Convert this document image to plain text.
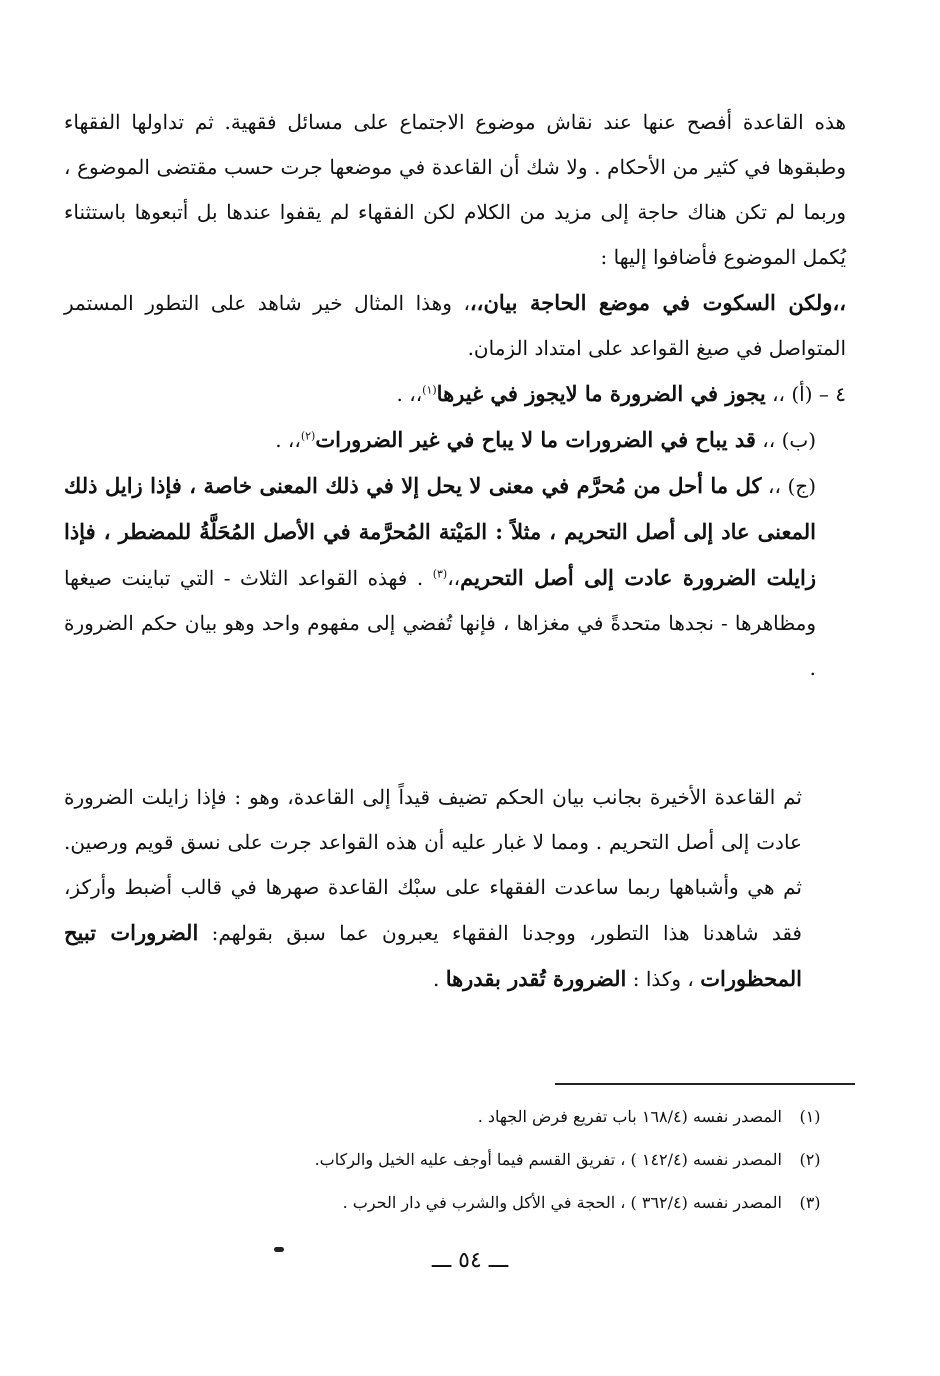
هذه القاعدة أفصح عنها عند نقاش موضوع الاجتماع على مسائل فقهية. ثم تداولها الفقهاء وطبقوها في كثير من الأحكام . ولا شك أن القاعدة في موضعها جرت حسب مقتضى الموضوع ، وربما لم تكن هناك حاجة إلى مزيد من الكلام لكن الفقهاء لم يقفوا عندها بل أتبعوها باستثناء يُكمل الموضوع فأضافوا إليها :

،،ولكن السكوت في موضع الحاجة بيان،،، وهذا المثال خير شاهد على التطور المستمر المتواصل في صيغ القواعد على امتداد الزمان.

٤ – (أ) ،، يجوز في الضرورة ما لايجوز في غيرها$^{(١)}$،، .

(ب) ،، قد يباح في الضرورات ما لا يباح في غير الضرورات$^{(٢)}$،، .

(ج) ،، كل ما أحل من مُحرَّم في معنى لا يحل إلا في ذلك المعنى خاصة ، فإذا زايل ذلك المعنى عاد إلى أصل التحريم ، مثلاً : المَيْتة المُحرَّمة في الأصل المُحَلَّةُ للمضطر ، فإذا زايلت الضرورة عادت إلى أصل التحريم،،$^{(٣)}$ . فهذه القواعد الثلاث - التي تباينت صيغها ومظاهرها - نجدها متحدةً في مغزاها ، فإنها تُفضي إلى مفهوم واحد وهو بيان حكم الضرورة .

ثم القاعدة الأخيرة بجانب بيان الحكم تضيف قيداً إلى القاعدة، وهو : فإذا زايلت الضرورة عادت إلى أصل التحريم . ومما لا غبار عليه أن هذه القواعد جرت على نسق قويم ورصين. ثم هي وأشباهها ربما ساعدت الفقهاء على سبْك القاعدة صهرها في قالب أضبط وأركز، فقد شاهدنا هذا التطور، ووجدنا الفقهاء يعبرون عما سبق بقولهم: الضرورات تبيح المحظورات ، وكذا : الضرورة تُقدر بقدرها .

(١)
المصدر نفسه (١٦٨/٤ باب تفريع فرض الجهاد .
(٢)
المصدر نفسه (١٤٢/٤ ) ، تفريق القسم فيما أوجف عليه الخيل والركاب.
(٣)
المصدر نفسه (٣٦٢/٤ ) ، الحجة في الأكل والشرب في دار الحرب .
ـــ ٥٤ ـــ
